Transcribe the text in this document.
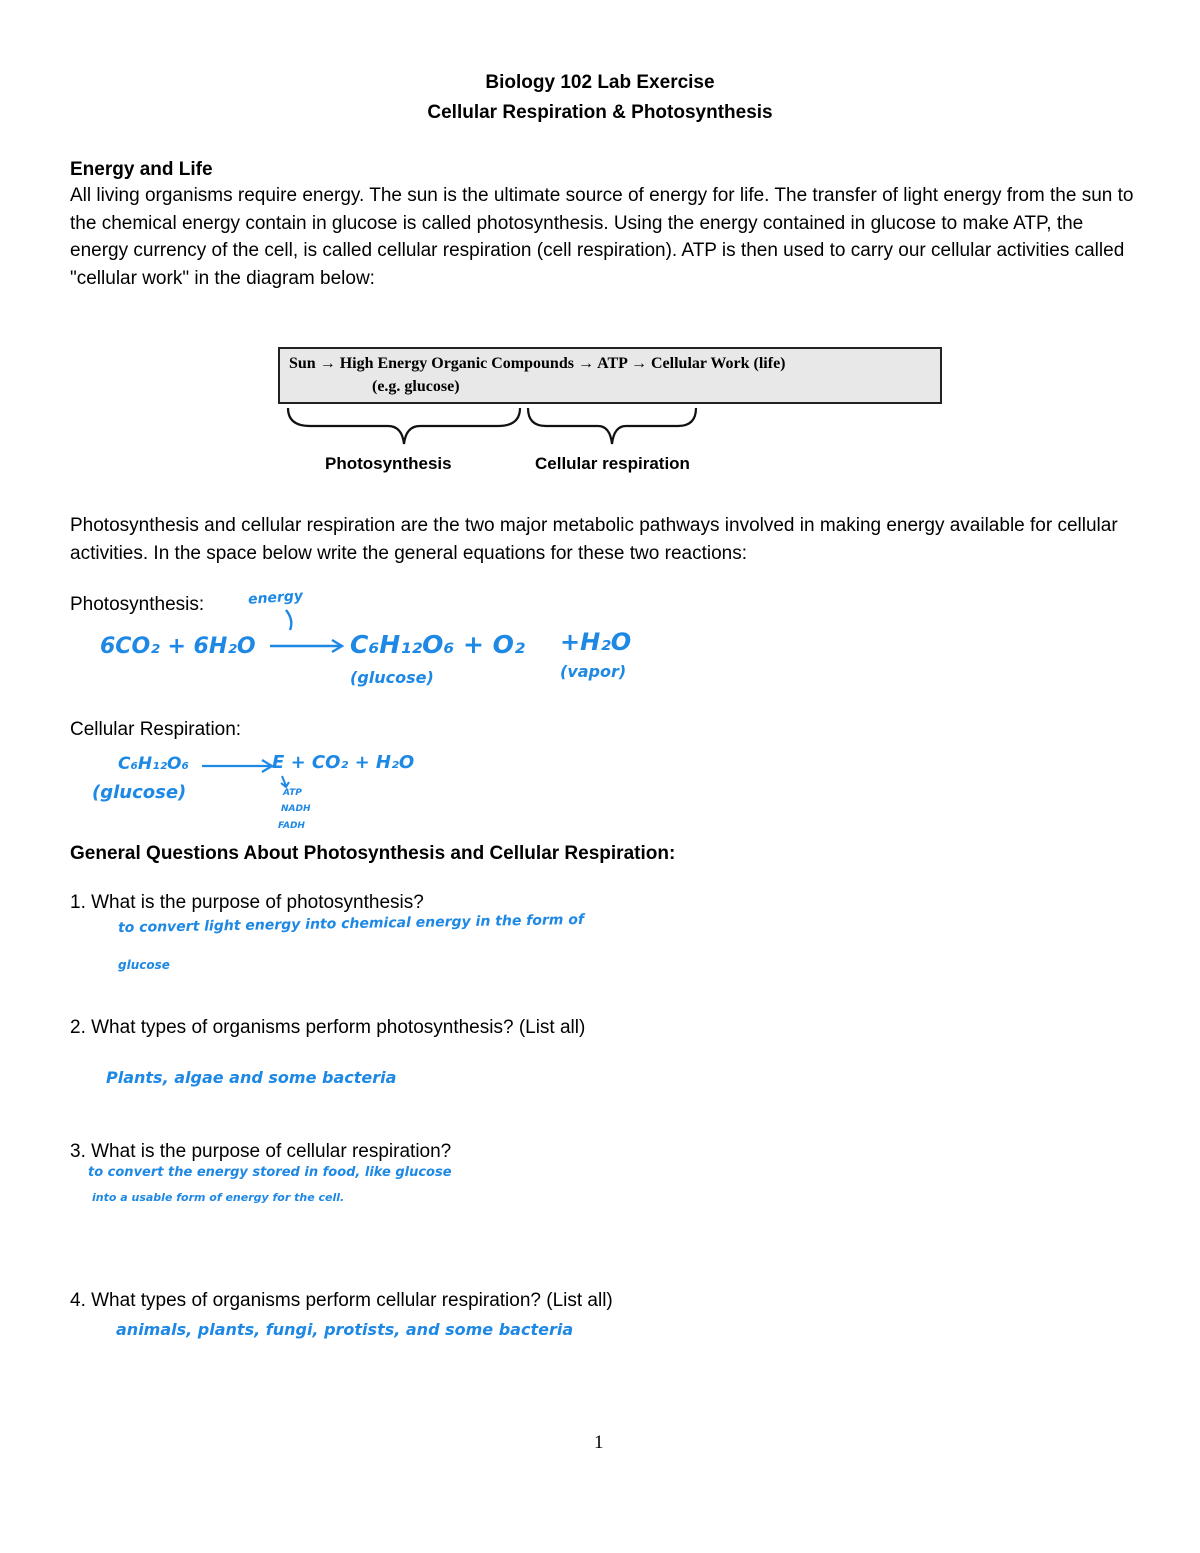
Biology 102 Lab Exercise
Cellular Respiration & Photosynthesis
Energy and Life
All living organisms require energy. The sun is the ultimate source of energy for life. The transfer of light energy from the sun to the chemical energy contain in glucose is called photosynthesis. Using the energy contained in glucose to make ATP, the energy currency of the cell, is called cellular respiration (cell respiration). ATP is then used to carry our cellular activities called "cellular work" in the diagram below:
Sun → High Energy Organic Compounds → ATP → Cellular Work (life)
(e.g. glucose)
Photosynthesis	Cellular respiration
Photosynthesis and cellular respiration are the two major metabolic pathways involved in making energy available for cellular activities. In the space below write the general equations for these two reactions:
Photosynthesis:	energy
6CO₂ + 6H₂O	C₆H₁₂O₆ + O₂ +H₂O
(glucose)	(vapor)
Cellular Respiration:
C₆H₁₂O₆	E + CO₂ + H₂O
(glucose)	ATP
NADH
FADH
General Questions About Photosynthesis and Cellular Respiration:
1. What is the purpose of photosynthesis?
to convert light energy into chemical energy in the form of
glucose
2. What types of organisms perform photosynthesis? (List all)
Plants, algae and some bacteria
3. What is the purpose of cellular respiration?
to convert the energy stored in food, like glucose
into a usable form of energy for the cell.
4. What types of organisms perform cellular respiration? (List all)
animals, plants, fungi, protists, and some bacteria
1
